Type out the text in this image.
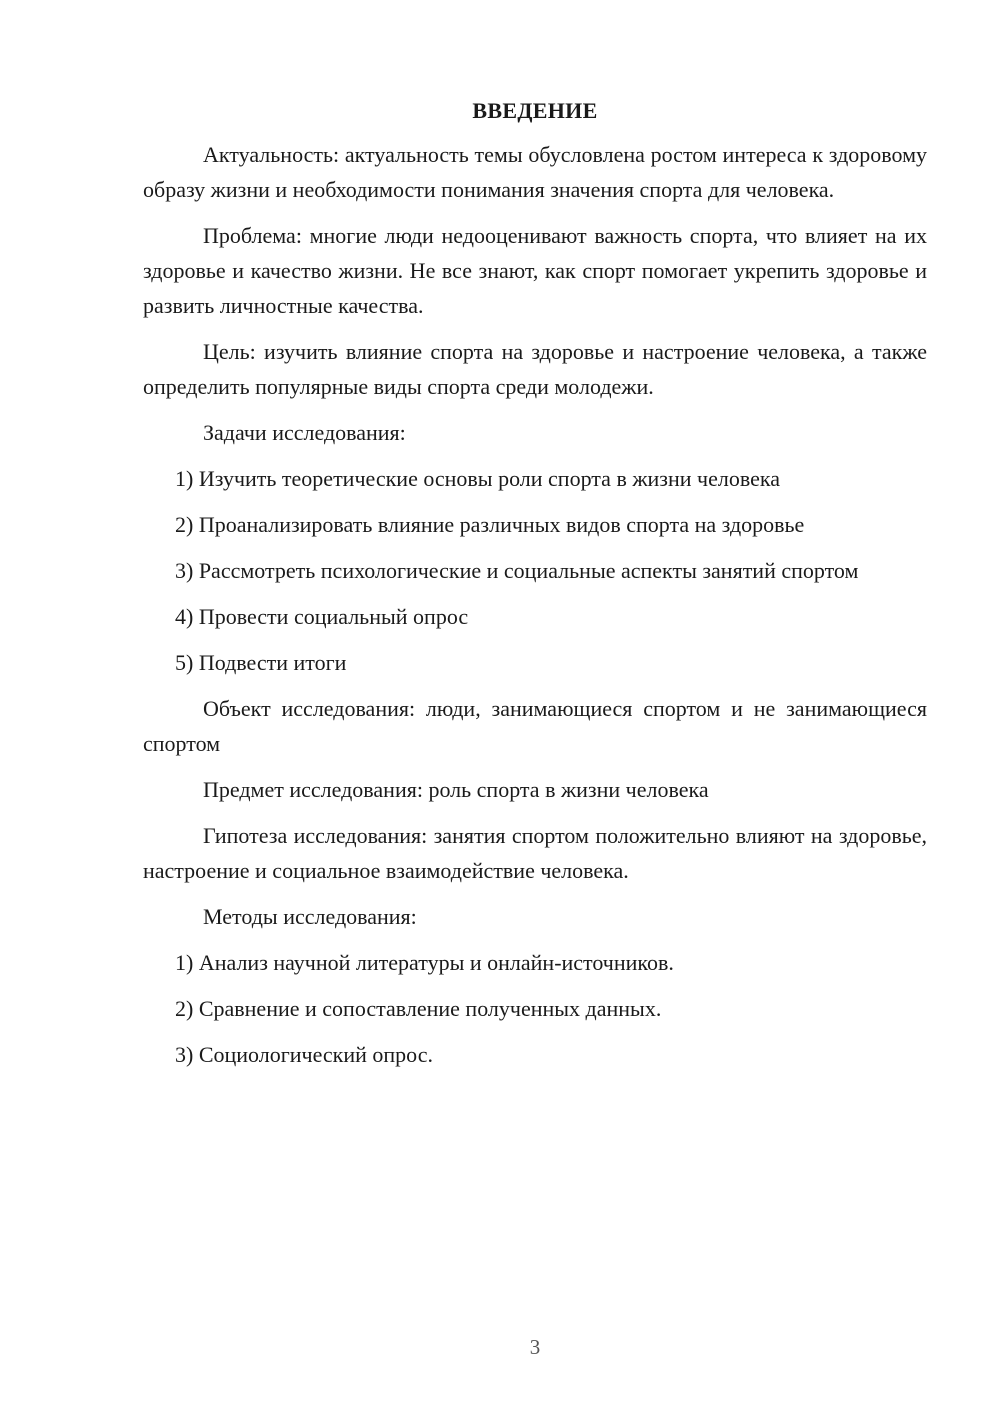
ВВЕДЕНИЕ

Актуальность: актуальность темы обусловлена ростом интереса к здоровому образу жизни и необходимости понимания значения спорта для человека.

Проблема: многие люди недооценивают важность спорта, что влияет на их здоровье и качество жизни. Не все знают, как спорт помогает укрепить здоровье и развить личностные качества.

Цель: изучить влияние спорта на здоровье и настроение человека, а также определить популярные виды спорта среди молодежи.

Задачи исследования:

1) Изучить теоретические основы роли спорта в жизни человека

2) Проанализировать влияние различных видов спорта на здоровье

3) Рассмотреть психологические и социальные аспекты занятий спортом

4) Провести социальный опрос

5) Подвести итоги

Объект исследования: люди, занимающиеся спортом и не занимающиеся спортом

Предмет исследования: роль спорта в жизни человека

Гипотеза исследования: занятия спортом положительно влияют на здоровье, настроение и социальное взаимодействие человека.

Методы исследования:

1) Анализ научной литературы и онлайн-источников.

2) Сравнение и сопоставление полученных данных.

3) Социологический опрос.

3
